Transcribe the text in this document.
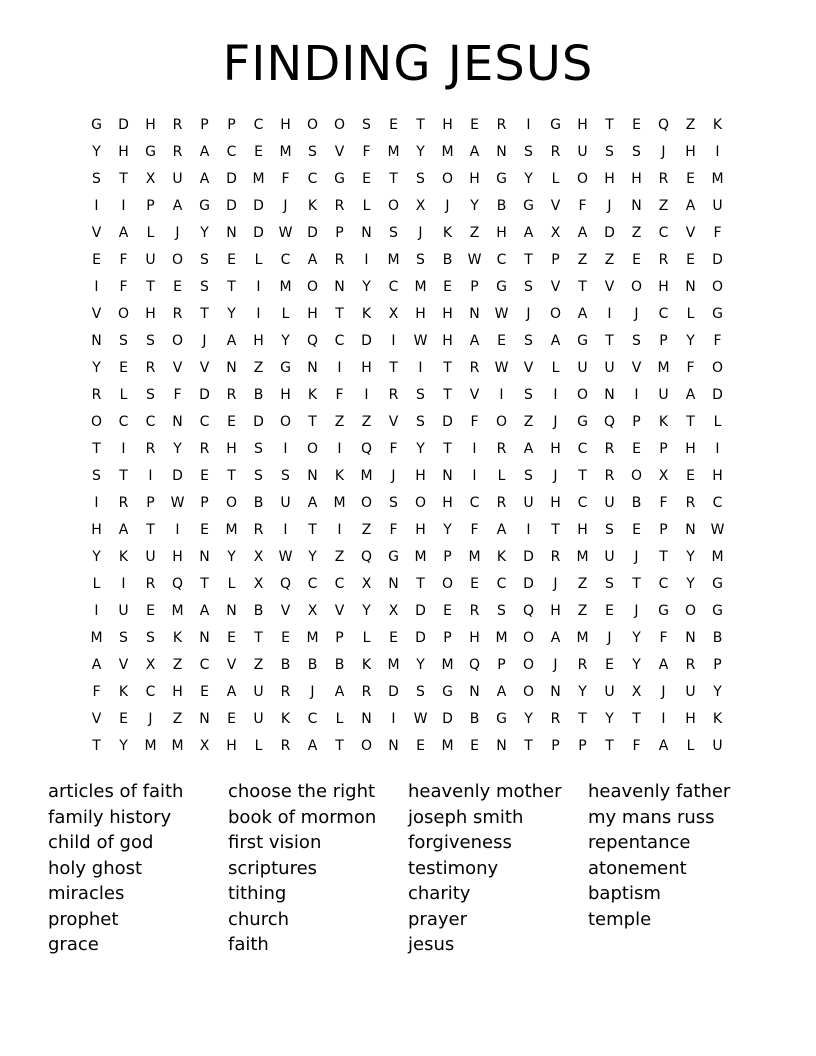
FINDING JESUS
G	D	H	R	P	P	C	H	O	O	S	E	T	H	E	R	I	G	H	T	E	Q	Z	K
Y	H	G	R	A	C	E	M	S	V	F	M	Y	M	A	N	S	R	U	S	S	J	H	I
S	T	X	U	A	D	M	F	C	G	E	T	S	O	H	G	Y	L	O	H	H	R	E	M
I	I	P	A	G	D	D	J	K	R	L	O	X	J	Y	B	G	V	F	J	N	Z	A	U
V	A	L	J	Y	N	D	W	D	P	N	S	J	K	Z	H	A	X	A	D	Z	C	V	F
E	F	U	O	S	E	L	C	A	R	I	M	S	B	W	C	T	P	Z	Z	E	R	E	D
I	F	T	E	S	T	I	M	O	N	Y	C	M	E	P	G	S	V	T	V	O	H	N	O
V	O	H	R	T	Y	I	L	H	T	K	X	H	H	N	W	J	O	A	I	J	C	L	G
N	S	S	O	J	A	H	Y	Q	C	D	I	W	H	A	E	S	A	G	T	S	P	Y	F
Y	E	R	V	V	N	Z	G	N	I	H	T	I	T	R	W	V	L	U	U	V	M	F	O
R	L	S	F	D	R	B	H	K	F	I	R	S	T	V	I	S	I	O	N	I	U	A	D
O	C	C	N	C	E	D	O	T	Z	Z	V	S	D	F	O	Z	J	G	Q	P	K	T	L
T	I	R	Y	R	H	S	I	O	I	Q	F	Y	T	I	R	A	H	C	R	E	P	H	I
S	T	I	D	E	T	S	S	N	K	M	J	H	N	I	L	S	J	T	R	O	X	E	H
I	R	P	W	P	O	B	U	A	M	O	S	O	H	C	R	U	H	C	U	B	F	R	C
H	A	T	I	E	M	R	I	T	I	Z	F	H	Y	F	A	I	T	H	S	E	P	N	W
Y	K	U	H	N	Y	X	W	Y	Z	Q	G	M	P	M	K	D	R	M	U	J	T	Y	M
L	I	R	Q	T	L	X	Q	C	C	X	N	T	O	E	C	D	J	Z	S	T	C	Y	G
I	U	E	M	A	N	B	V	X	V	Y	X	D	E	R	S	Q	H	Z	E	J	G	O	G
M	S	S	K	N	E	T	E	M	P	L	E	D	P	H	M	O	A	M	J	Y	F	N	B
A	V	X	Z	C	V	Z	B	B	B	K	M	Y	M	Q	P	O	J	R	E	Y	A	R	P
F	K	C	H	E	A	U	R	J	A	R	D	S	G	N	A	O	N	Y	U	X	J	U	Y
V	E	J	Z	N	E	U	K	C	L	N	I	W	D	B	G	Y	R	T	Y	T	I	H	K
T	Y	M	M	X	H	L	R	A	T	O	N	E	M	E	N	T	P	P	T	F	A	L	U
articles of faith
family history
child of god
holy ghost
miracles
prophet
grace
choose the right
book of mormon
first vision
scriptures
tithing
church
faith
heavenly mother
joseph smith
forgiveness
testimony
charity
prayer
jesus
heavenly father
my mans russ
repentance
atonement
baptism
temple
